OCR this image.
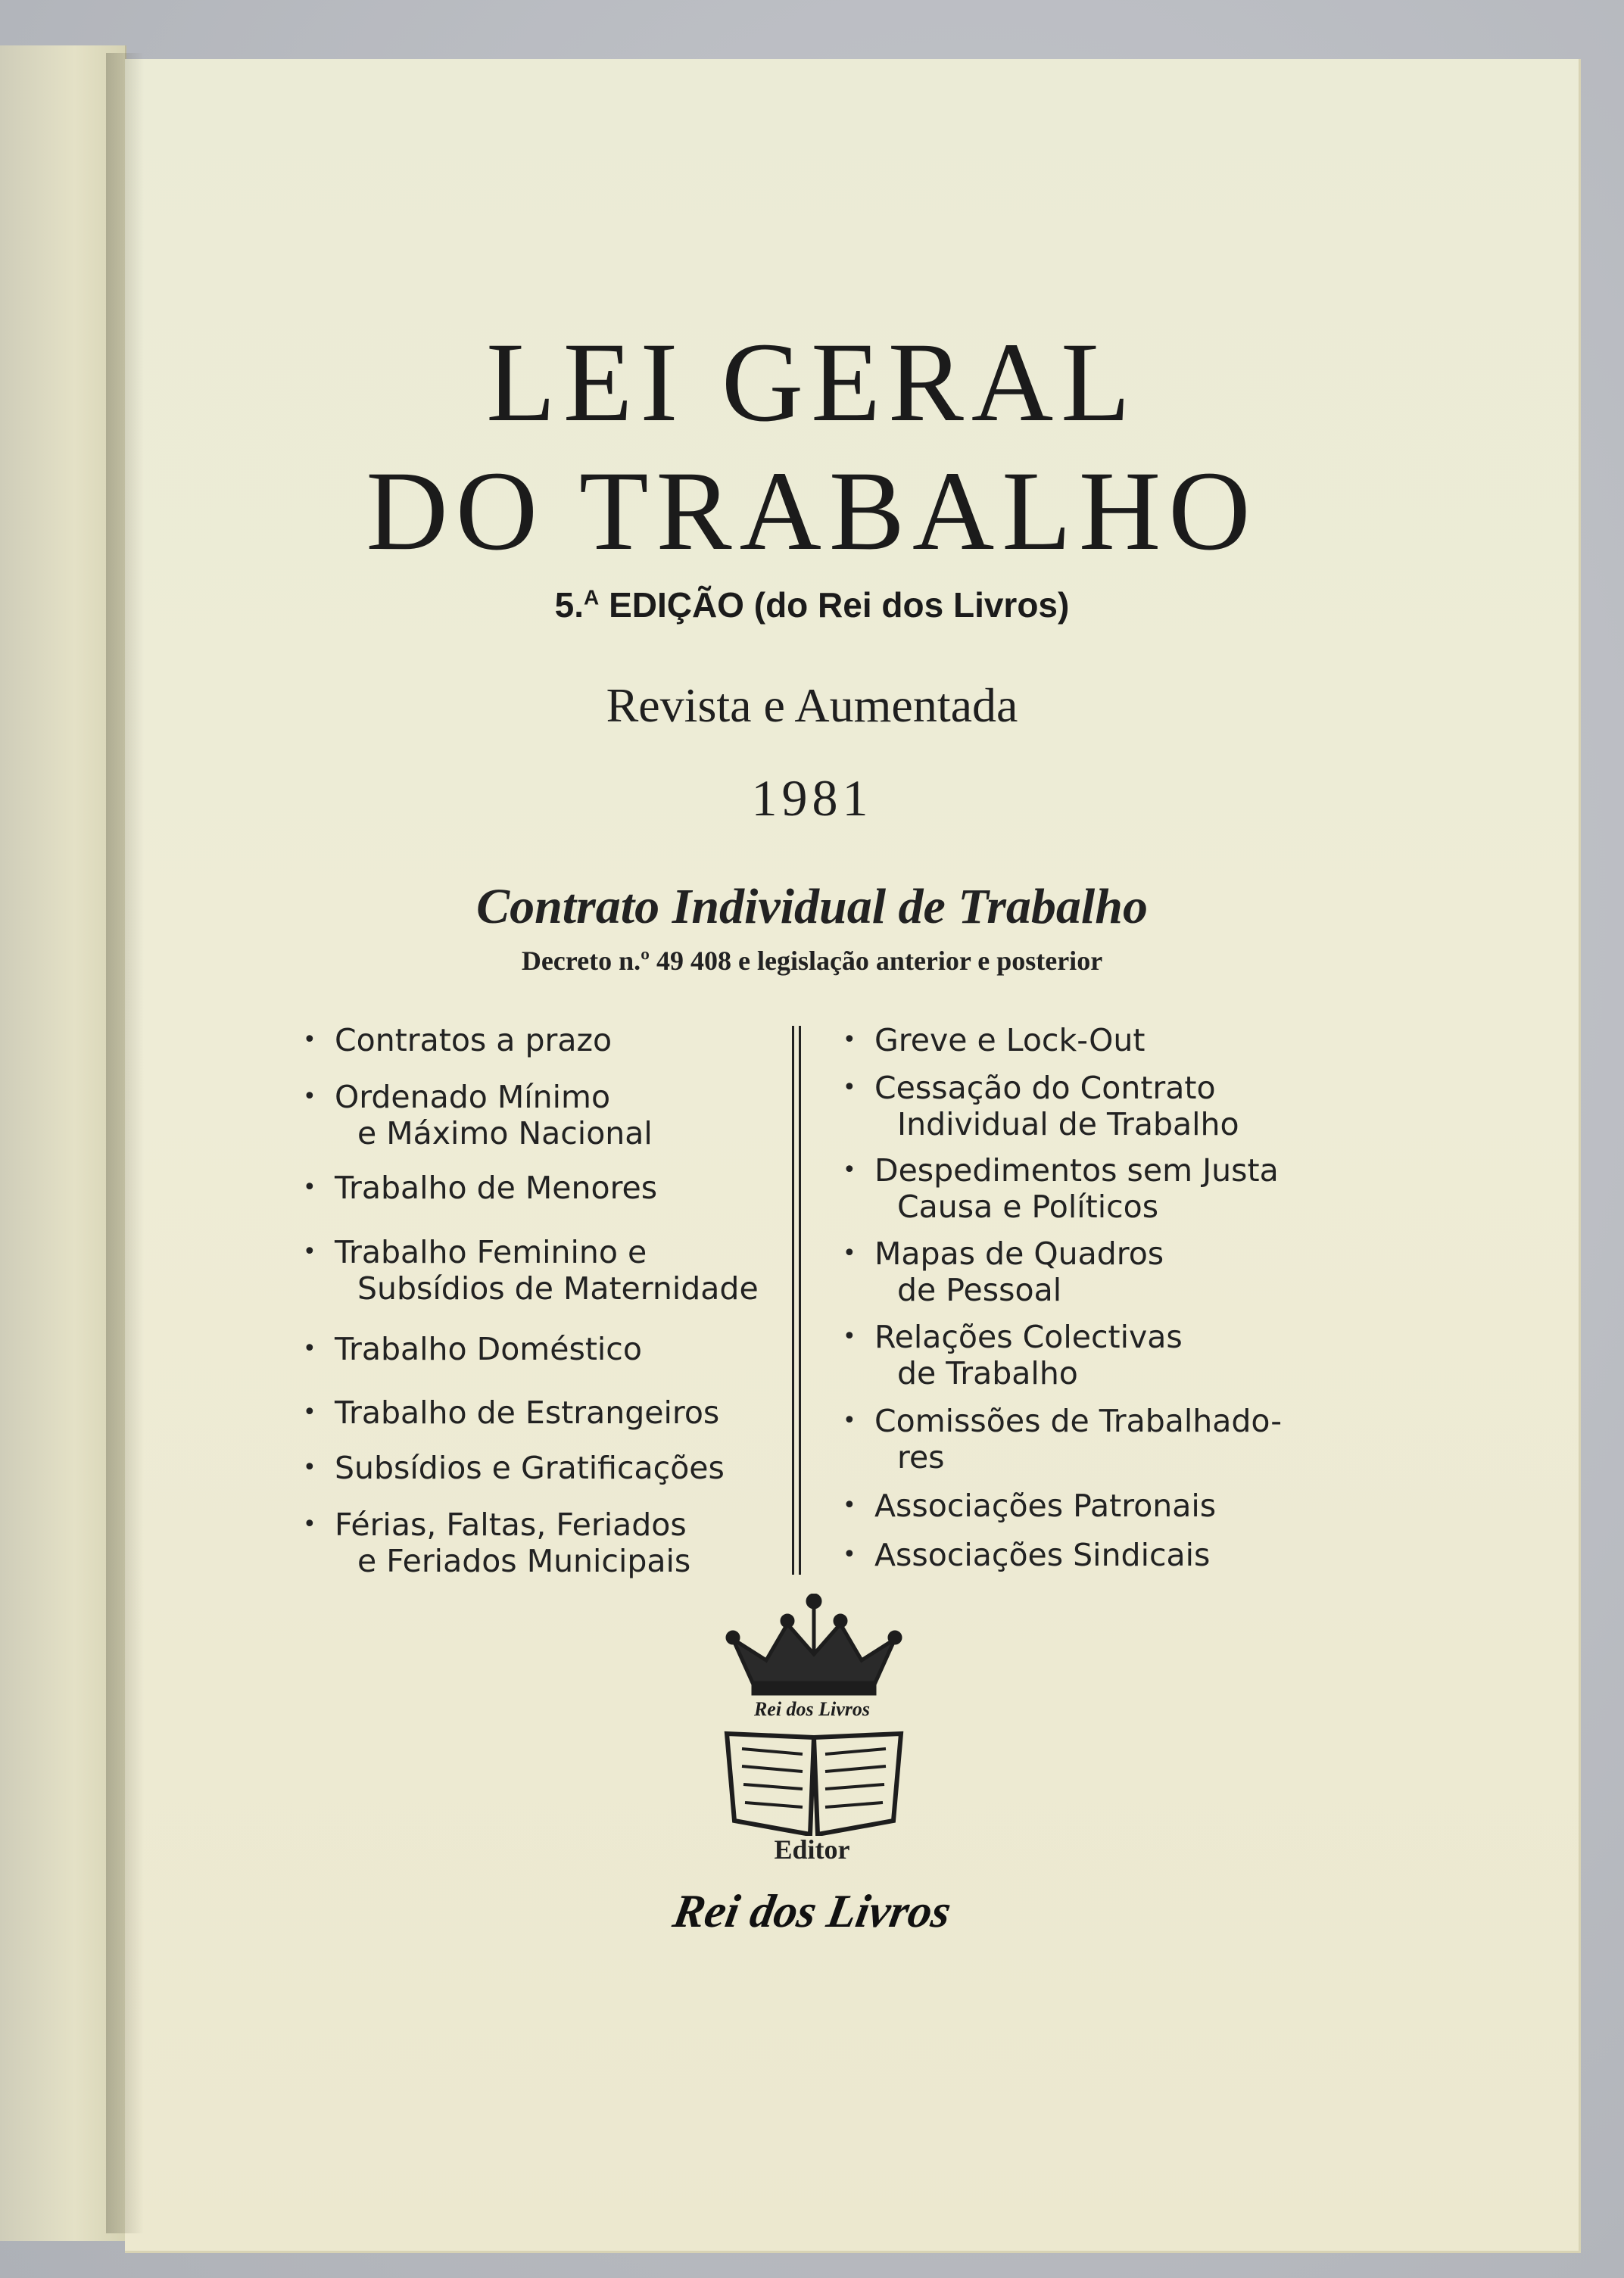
LEI GERAL
DO TRABALHO
5.$^A$ EDIÇÃO (do Rei dos Livros)
Revista e Aumentada
1981
Contrato Individual de Trabalho
Decreto n.º 49 408 e legislação anterior e posterior
• Contratos a prazo
• Ordenado Mínimo
e Máximo Nacional
• Trabalho de Menores
• Trabalho Feminino e
Subsídios de Maternidade
• Trabalho Doméstico
• Trabalho de Estrangeiros
• Subsídios e Gratificações
• Férias, Faltas, Feriados
e Feriados Municipais
• Greve e Lock-Out
• Cessação do Contrato
Individual de Trabalho
• Despedimentos sem Justa
Causa e Políticos
• Mapas de Quadros
de Pessoal
• Relações Colectivas
de Trabalho
• Comissões de Trabalhado-
res
• Associações Patronais
• Associações Sindicais
Rei dos Livros
Editor
Rei dos Livros
